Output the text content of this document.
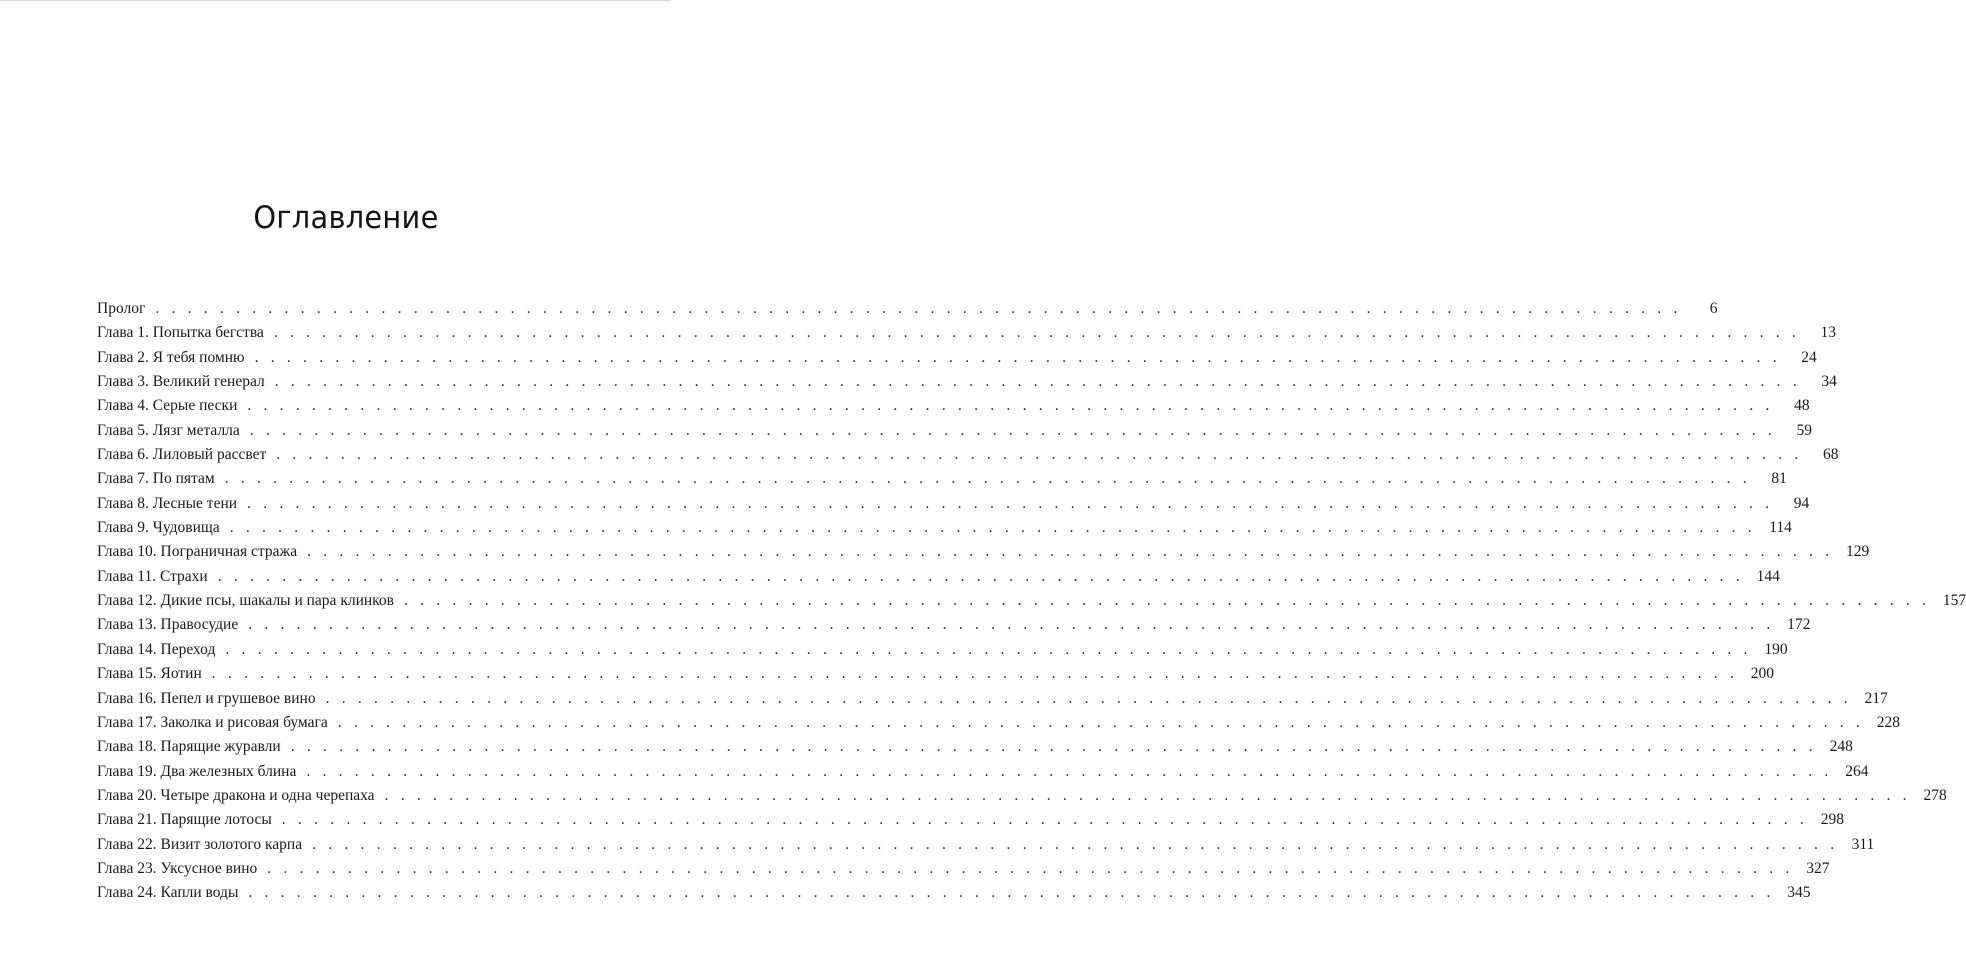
Оглавление
Пролог . . . . . . . . . . . . . . . . . . . . . . . . . . . . . . . . . . . . . . . . . . . . . . . . . . . . . . . . . . . . . . . . . . . . . . . . . . . . . . . . . . . . . . . . . . . . . . .	6
Глава 1. Попытка бегства . . . . . . . . . . . . . . . . . . . . . . . . . . . . . . . . . . . . . . . . . . . . . . . . . . . . . . . . . . . . . . . . . . . . . . . . . . . . . . . . . . . . . . . . . . . . . . .	13
Глава 2. Я тебя помню . . . . . . . . . . . . . . . . . . . . . . . . . . . . . . . . . . . . . . . . . . . . . . . . . . . . . . . . . . . . . . . . . . . . . . . . . . . . . . . . . . . . . . . . . . . . . . .	24
Глава 3. Великий генерал . . . . . . . . . . . . . . . . . . . . . . . . . . . . . . . . . . . . . . . . . . . . . . . . . . . . . . . . . . . . . . . . . . . . . . . . . . . . . . . . . . . . . . . . . . . . . . .	34
Глава 4. Серые пески . . . . . . . . . . . . . . . . . . . . . . . . . . . . . . . . . . . . . . . . . . . . . . . . . . . . . . . . . . . . . . . . . . . . . . . . . . . . . . . . . . . . . . . . . . . . . . .	48
Глава 5. Лязг металла . . . . . . . . . . . . . . . . . . . . . . . . . . . . . . . . . . . . . . . . . . . . . . . . . . . . . . . . . . . . . . . . . . . . . . . . . . . . . . . . . . . . . . . . . . . . . . .	59
Глава 6. Лиловый рассвет . . . . . . . . . . . . . . . . . . . . . . . . . . . . . . . . . . . . . . . . . . . . . . . . . . . . . . . . . . . . . . . . . . . . . . . . . . . . . . . . . . . . . . . . . . . . . . .	68
Глава 7. По пятам . . . . . . . . . . . . . . . . . . . . . . . . . . . . . . . . . . . . . . . . . . . . . . . . . . . . . . . . . . . . . . . . . . . . . . . . . . . . . . . . . . . . . . . . . . . . . . .	81
Глава 8. Лесные тени . . . . . . . . . . . . . . . . . . . . . . . . . . . . . . . . . . . . . . . . . . . . . . . . . . . . . . . . . . . . . . . . . . . . . . . . . . . . . . . . . . . . . . . . . . . . . . .	94
Глава 9. Чудовища . . . . . . . . . . . . . . . . . . . . . . . . . . . . . . . . . . . . . . . . . . . . . . . . . . . . . . . . . . . . . . . . . . . . . . . . . . . . . . . . . . . . . . . . . . . . . . . 114
Глава 10. Пограничная стража . . . . . . . . . . . . . . . . . . . . . . . . . . . . . . . . . . . . . . . . . . . . . . . . . . . . . . . . . . . . . . . . . . . . . . . . . . . . . . . . . . . . . . . . . . . . . . . 129
Глава 11. Страхи . . . . . . . . . . . . . . . . . . . . . . . . . . . . . . . . . . . . . . . . . . . . . . . . . . . . . . . . . . . . . . . . . . . . . . . . . . . . . . . . . . . . . . . . . . . . . . . 144
Глава 12. Дикие псы, шакалы и пара клинков . . . . . . . . . . . . . . . . . . . . . . . . . . . . . . . . . . . . . . . . . . . . . . . . . . . . . . . . . . . . . . . . . . . . . . . . . . . . . . . . . . . . . . . . . . . . . . . 157
Глава 13. Правосудие . . . . . . . . . . . . . . . . . . . . . . . . . . . . . . . . . . . . . . . . . . . . . . . . . . . . . . . . . . . . . . . . . . . . . . . . . . . . . . . . . . . . . . . . . . . . . . . 172
Глава 14. Переход . . . . . . . . . . . . . . . . . . . . . . . . . . . . . . . . . . . . . . . . . . . . . . . . . . . . . . . . . . . . . . . . . . . . . . . . . . . . . . . . . . . . . . . . . . . . . . . 190
Глава 15. Яотин . . . . . . . . . . . . . . . . . . . . . . . . . . . . . . . . . . . . . . . . . . . . . . . . . . . . . . . . . . . . . . . . . . . . . . . . . . . . . . . . . . . . . . . . . . . . . . . 200
Глава 16. Пепел и грушевое вино . . . . . . . . . . . . . . . . . . . . . . . . . . . . . . . . . . . . . . . . . . . . . . . . . . . . . . . . . . . . . . . . . . . . . . . . . . . . . . . . . . . . . . . . . . . . . . . 217
Глава 17. Заколка и рисовая бумага . . . . . . . . . . . . . . . . . . . . . . . . . . . . . . . . . . . . . . . . . . . . . . . . . . . . . . . . . . . . . . . . . . . . . . . . . . . . . . . . . . . . . . . . . . . . . . . 228
Глава 18. Парящие журавли . . . . . . . . . . . . . . . . . . . . . . . . . . . . . . . . . . . . . . . . . . . . . . . . . . . . . . . . . . . . . . . . . . . . . . . . . . . . . . . . . . . . . . . . . . . . . . . 248
Глава 19. Два железных блина . . . . . . . . . . . . . . . . . . . . . . . . . . . . . . . . . . . . . . . . . . . . . . . . . . . . . . . . . . . . . . . . . . . . . . . . . . . . . . . . . . . . . . . . . . . . . . . 264
Глава 20. Четыре дракона и одна черепаха . . . . . . . . . . . . . . . . . . . . . . . . . . . . . . . . . . . . . . . . . . . . . . . . . . . . . . . . . . . . . . . . . . . . . . . . . . . . . . . . . . . . . . . . . . . . . . . 278
Глава 21. Парящие лотосы . . . . . . . . . . . . . . . . . . . . . . . . . . . . . . . . . . . . . . . . . . . . . . . . . . . . . . . . . . . . . . . . . . . . . . . . . . . . . . . . . . . . . . . . . . . . . . . 298
Глава 22. Визит золотого карпа . . . . . . . . . . . . . . . . . . . . . . . . . . . . . . . . . . . . . . . . . . . . . . . . . . . . . . . . . . . . . . . . . . . . . . . . . . . . . . . . . . . . . . . . . . . . . . . 311
Глава 23. Уксусное вино . . . . . . . . . . . . . . . . . . . . . . . . . . . . . . . . . . . . . . . . . . . . . . . . . . . . . . . . . . . . . . . . . . . . . . . . . . . . . . . . . . . . . . . . . . . . . . . 327
Глава 24. Капли воды . . . . . . . . . . . . . . . . . . . . . . . . . . . . . . . . . . . . . . . . . . . . . . . . . . . . . . . . . . . . . . . . . . . . . . . . . . . . . . . . . . . . . . . . . . . . . . . 345
